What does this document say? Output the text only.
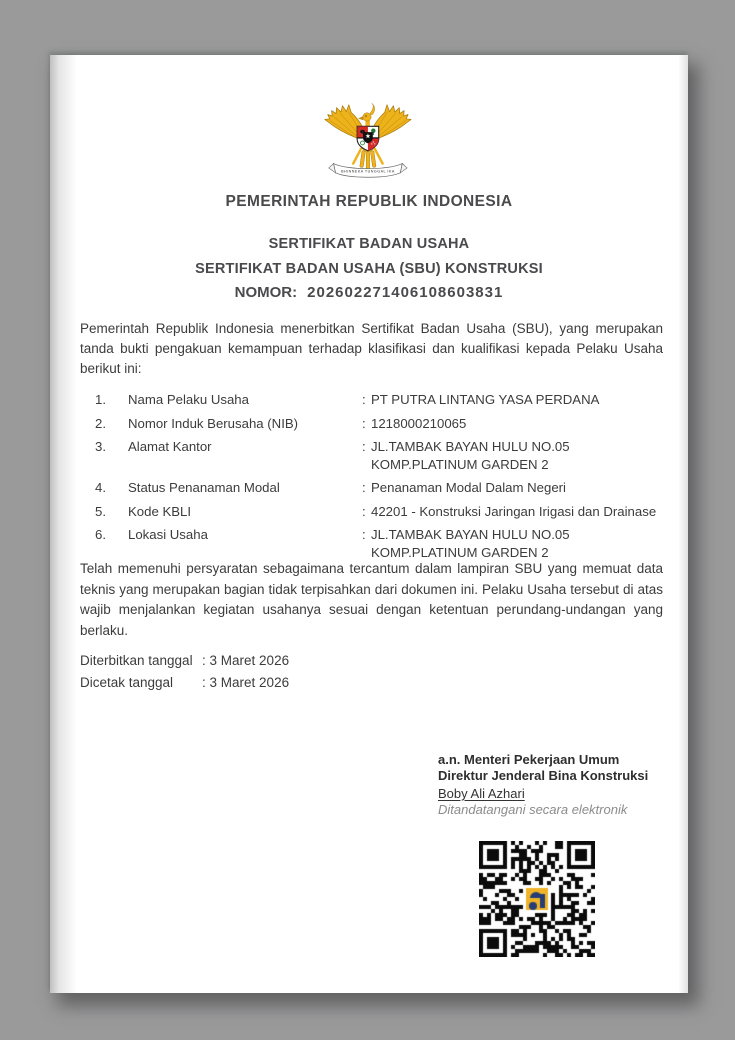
BHINNEKA TUNGGAL IKA
PEMERINTAH REPUBLIK INDONESIA
SERTIFIKAT BADAN USAHA
SERTIFIKAT BADAN USAHA (SBU) KONSTRUKSI
NOMOR: 202602271406108603831

Pemerintah Republik Indonesia menerbitkan Sertifikat Badan Usaha (SBU), yang merupakan tanda bukti pengakuan kemampuan terhadap klasifikasi dan kualifikasi kepada Pelaku Usaha berikut ini:

1.	Nama Pelaku Usaha	: PT PUTRA LINTANG YASA PERDANA
2.	Nomor Induk Berusaha (NIB)	: 1218000210065
3.	Alamat Kantor	: JL.TAMBAK BAYAN HULU NO.05 KOMP.PLATINUM GARDEN 2
4.	Status Penanaman Modal	: Penanaman Modal Dalam Negeri
5.	Kode KBLI	: 42201 - Konstruksi Jaringan Irigasi dan Drainase
6.	Lokasi Usaha	: JL.TAMBAK BAYAN HULU NO.05 KOMP.PLATINUM GARDEN 2

Telah memenuhi persyaratan sebagaimana tercantum dalam lampiran SBU yang memuat data teknis yang merupakan bagian tidak terpisahkan dari dokumen ini. Pelaku Usaha tersebut di atas wajib menjalankan kegiatan usahanya sesuai dengan ketentuan perundang-undangan yang berlaku.

Diterbitkan tanggal :
3 Maret 2026
Dicetak tanggal	:
3 Maret 2026
a.n. Menteri Pekerjaan Umum
Direktur Jenderal Bina Konstruksi
Boby Ali Azhari
Ditandatangani secara elektronik
